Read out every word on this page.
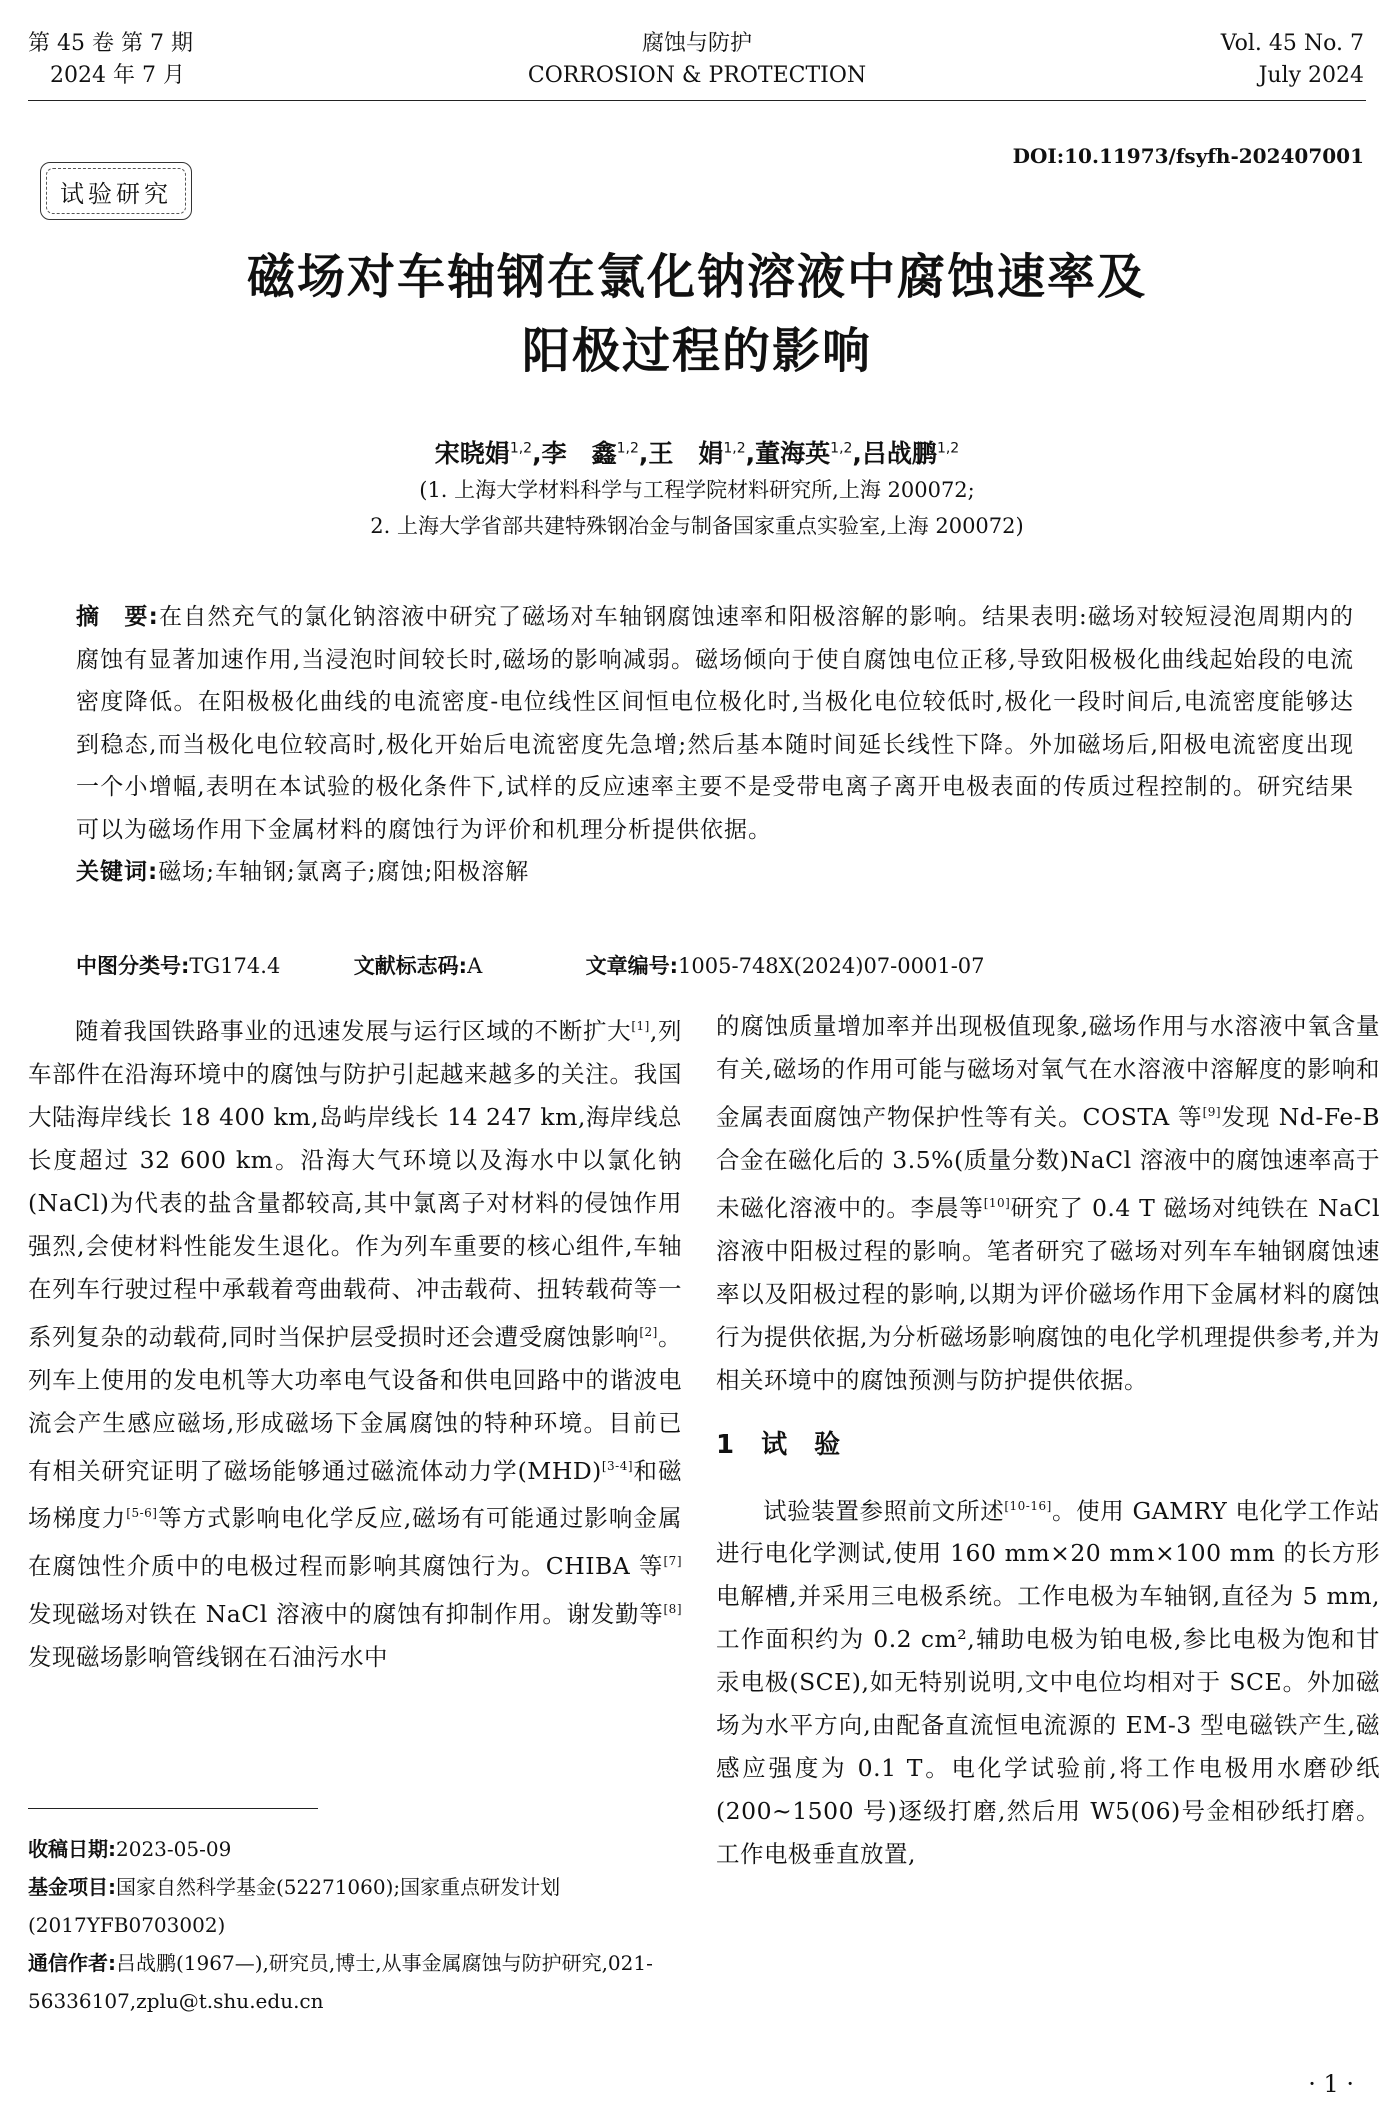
第 45 卷 第 7 期
2024 年 7 月
腐蚀与防护
CORROSION & PROTECTION
Vol. 45 No. 7
July 2024
DOI:10.11973/fsyfh-202407001
试验研究
磁场对车轴钢在氯化钠溶液中腐蚀速率及
阳极过程的影响
宋晓娟$^{1,2}$,李　鑫$^{1,2}$,王　娟$^{1,2}$,董海英$^{1,2}$,吕战鹏$^{1,2}$
(1. 上海大学材料科学与工程学院材料研究所,上海 200072;
2. 上海大学省部共建特殊钢冶金与制备国家重点实验室,上海 200072)
摘　要:在自然充气的氯化钠溶液中研究了磁场对车轴钢腐蚀速率和阳极溶解的影响。结果表明:磁场对较短浸泡周期内的腐蚀有显著加速作用,当浸泡时间较长时,磁场的影响减弱。磁场倾向于使自腐蚀电位正移,导致阳极极化曲线起始段的电流密度降低。在阳极极化曲线的电流密度-电位线性区间恒电位极化时,当极化电位较低时,极化一段时间后,电流密度能够达到稳态,而当极化电位较高时,极化开始后电流密度先急增;然后基本随时间延长线性下降。外加磁场后,阳极电流密度出现一个小增幅,表明在本试验的极化条件下,试样的反应速率主要不是受带电离子离开电极表面的传质过程控制的。研究结果可以为磁场作用下金属材料的腐蚀行为评价和机理分析提供依据。
关键词:磁场;车轴钢;氯离子;腐蚀;阳极溶解
中图分类号:TG174.4	文献标志码:A	文章编号:1005-748X(2024)07-0001-07

随着我国铁路事业的迅速发展与运行区域的不断扩大[1],列车部件在沿海环境中的腐蚀与防护引起越来越多的关注。我国大陆海岸线长 18 400 km,岛屿岸线长 14 247 km,海岸线总长度超过 32 600 km。沿海大气环境以及海水中以氯化钠(NaCl)为代表的盐含量都较高,其中氯离子对材料的侵蚀作用强烈,会使材料性能发生退化。作为列车重要的核心组件,车轴在列车行驶过程中承载着弯曲载荷、冲击载荷、扭转载荷等一系列复杂的动载荷,同时当保护层受损时还会遭受腐蚀影响[2]。列车上使用的发电机等大功率电气设备和供电回路中的谐波电流会产生感应磁场,形成磁场下金属腐蚀的特种环境。目前已有相关研究证明了磁场能够通过磁流体动力学(MHD)[3-4]和磁场梯度力[5-6]等方式影响电化学反应,磁场有可能通过影响金属在腐蚀性介质中的电极过程而影响其腐蚀行为。CHIBA 等[7]发现磁场对铁在 NaCl 溶液中的腐蚀有抑制作用。谢发勤等[8]发现磁场影响管线钢在石油污水中

的腐蚀质量增加率并出现极值现象,磁场作用与水溶液中氧含量有关,磁场的作用可能与磁场对氧气在水溶液中溶解度的影响和金属表面腐蚀产物保护性等有关。COSTA 等[9]发现 Nd-Fe-B 合金在磁化后的 3.5%(质量分数)NaCl 溶液中的腐蚀速率高于未磁化溶液中的。李晨等[10]研究了 0.4 T 磁场对纯铁在 NaCl 溶液中阳极过程的影响。笔者研究了磁场对列车车轴钢腐蚀速率以及阳极过程的影响,以期为评价磁场作用下金属材料的腐蚀行为提供依据,为分析磁场影响腐蚀的电化学机理提供参考,并为相关环境中的腐蚀预测与防护提供依据。

1　 试　验

试验装置参照前文所述[10-16]。使用 GAMRY 电化学工作站进行电化学测试,使用 160 mm×20 mm×100 mm 的长方形电解槽,并采用三电极系统。工作电极为车轴钢,直径为 5 mm,工作面积约为 0.2 cm²,辅助电极为铂电极,参比电极为饱和甘汞电极(SCE),如无特别说明,文中电位均相对于 SCE。外加磁场为水平方向,由配备直流恒电流源的 EM-3 型电磁铁产生,磁感应强度为 0.1 T。电化学试验前,将工作电极用水磨砂纸(200~1500 号)逐级打磨,然后用 W5(06)号金相砂纸打磨。工作电极垂直放置,

收稿日期:2023-05-09
基金项目:国家自然科学基金(52271060);国家重点研发计划(2017YFB0703002)
通信作者:吕战鹏(1967—),研究员,博士,从事金属腐蚀与防护研究,021-56336107,zplu@t.shu.edu.cn
· 1 ·
